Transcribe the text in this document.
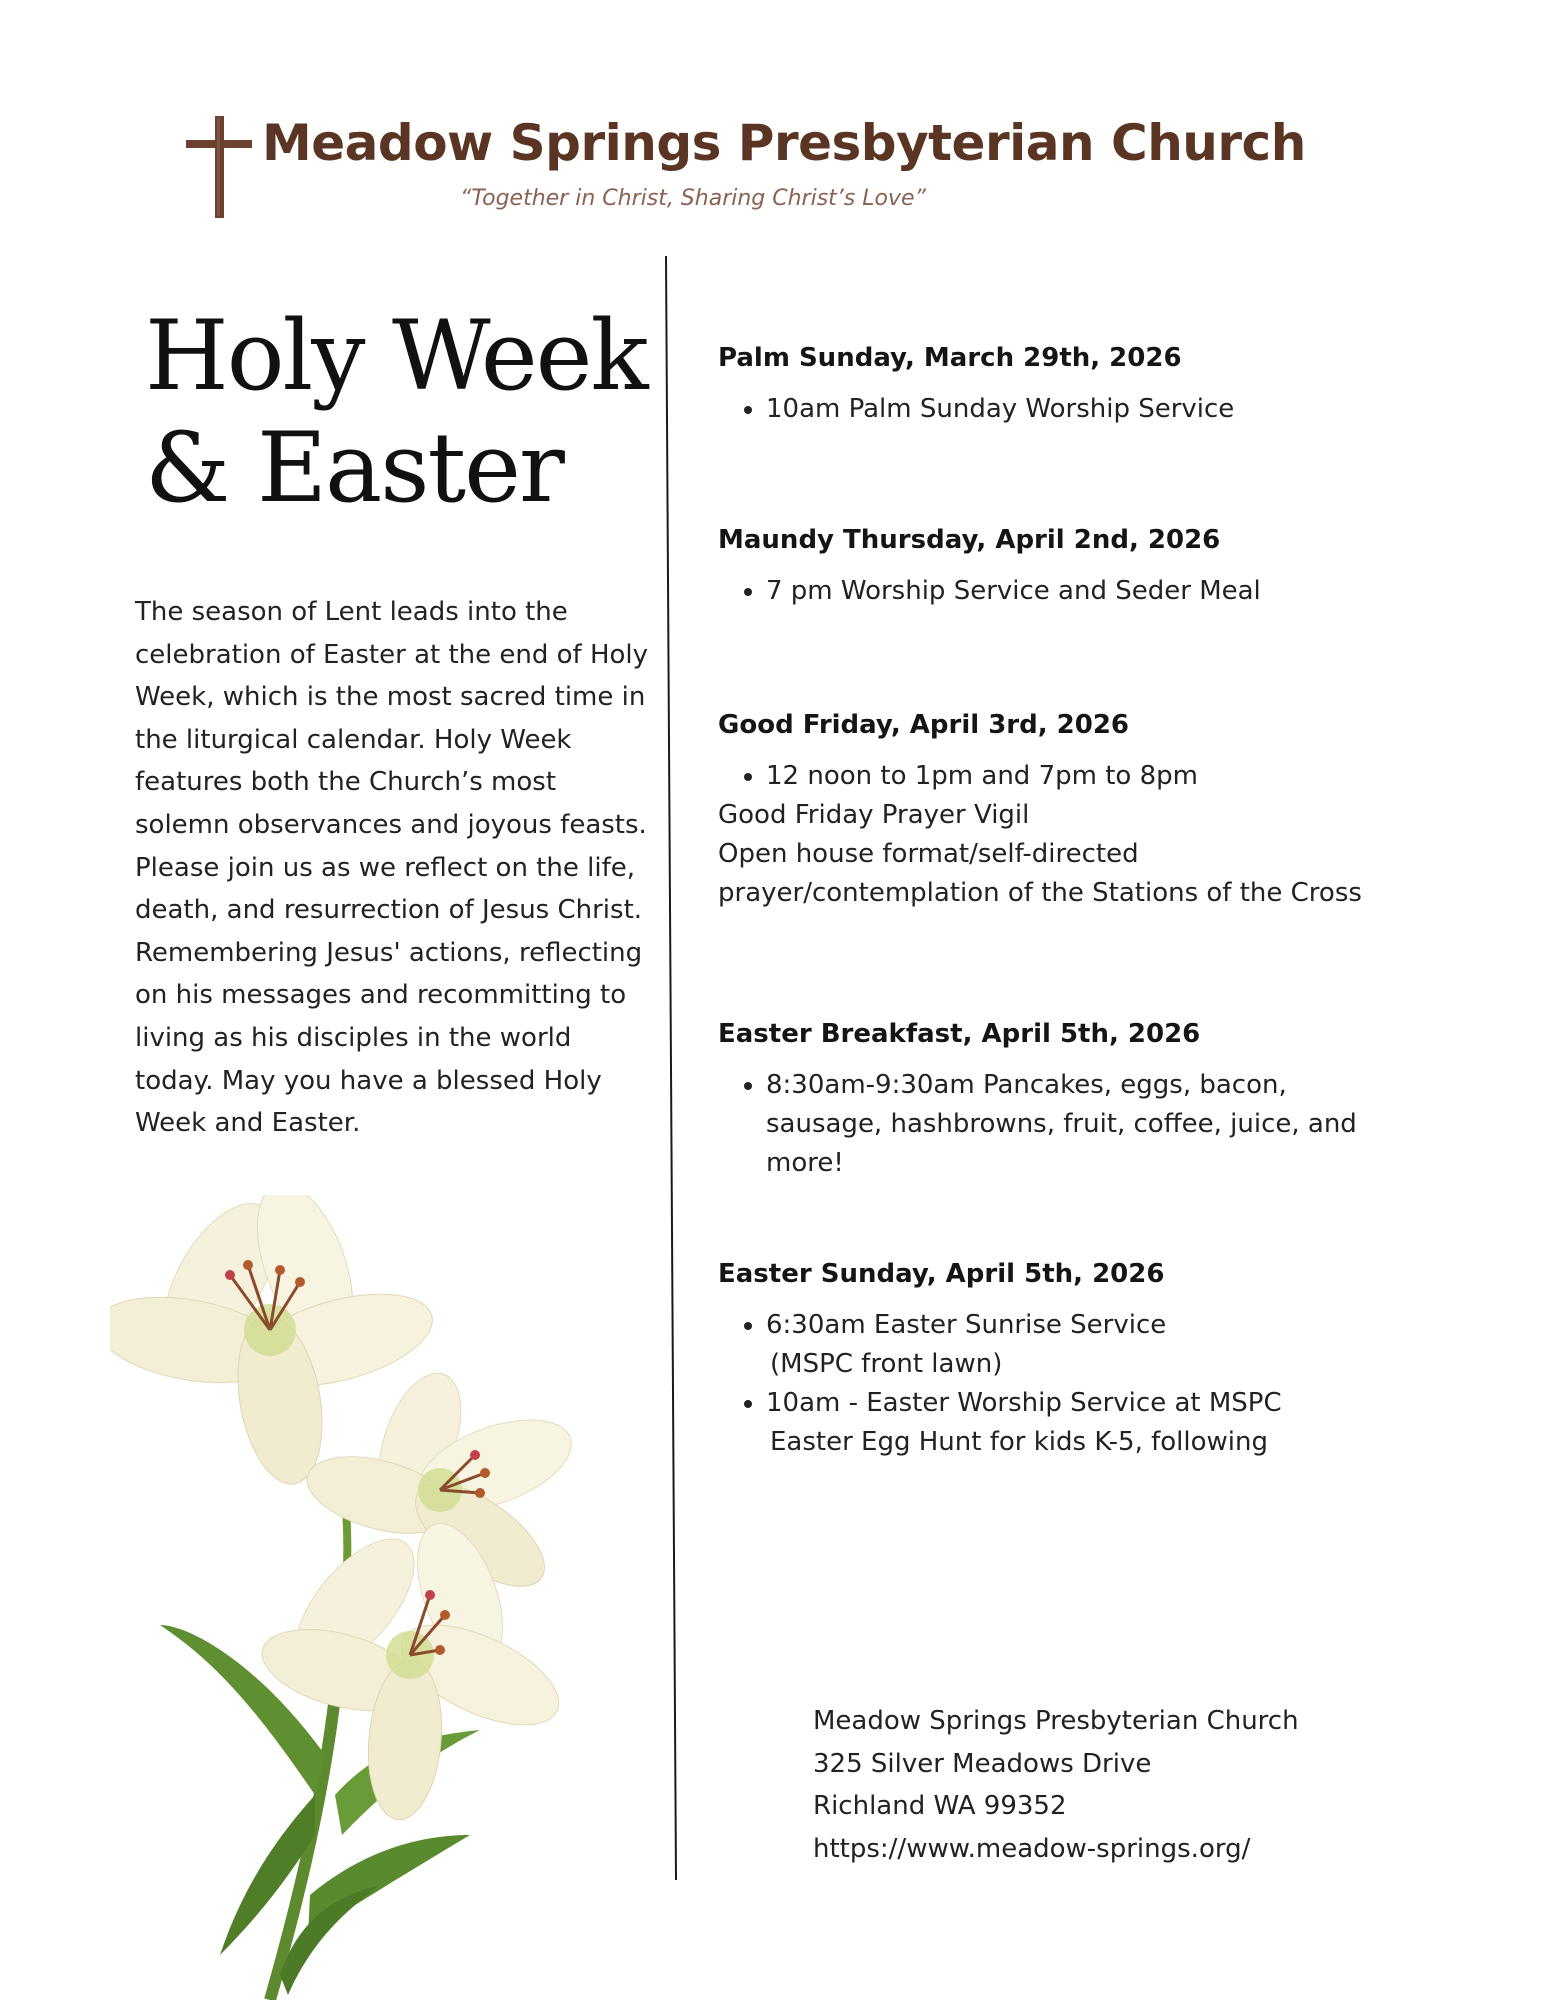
Meadow Springs Presbyterian Church

“Together in Christ, Sharing Christ’s Love”

Holy Week
& Easter

The season of Lent leads into the celebration of Easter at the end of Holy Week, which is the most sacred time in the liturgical calendar. Holy Week features both the Church’s most solemn observances and joyous feasts. Please join us as we reflect on the life, death, and resurrection of Jesus Christ. Remembering Jesus' actions, reflecting on his messages and recommitting to living as his disciples in the world today. May you have a blessed Holy Week and Easter.

Palm Sunday, March 29th, 2026
• 10am Palm Sunday Worship Service
Maundy Thursday, April 2nd, 2026
• 7 pm Worship Service and Seder Meal
Good Friday, April 3rd, 2026
• 12 noon to 1pm and 7pm to 8pm
Good Friday Prayer Vigil
Open house format/self-directed
prayer/contemplation of the Stations of the Cross
Easter Breakfast, April 5th, 2026
• 8:30am-9:30am Pancakes, eggs, bacon, sausage, hashbrowns, fruit, coffee, juice, and more!
Easter Sunday, April 5th, 2026
• 6:30am Easter Sunrise Service
(MSPC front lawn)
• 10am - Easter Worship Service at MSPC
Easter Egg Hunt for kids K-5, following

Meadow Springs Presbyterian Church
325 Silver Meadows Drive
Richland WA 99352
https://www.meadow-springs.org/
